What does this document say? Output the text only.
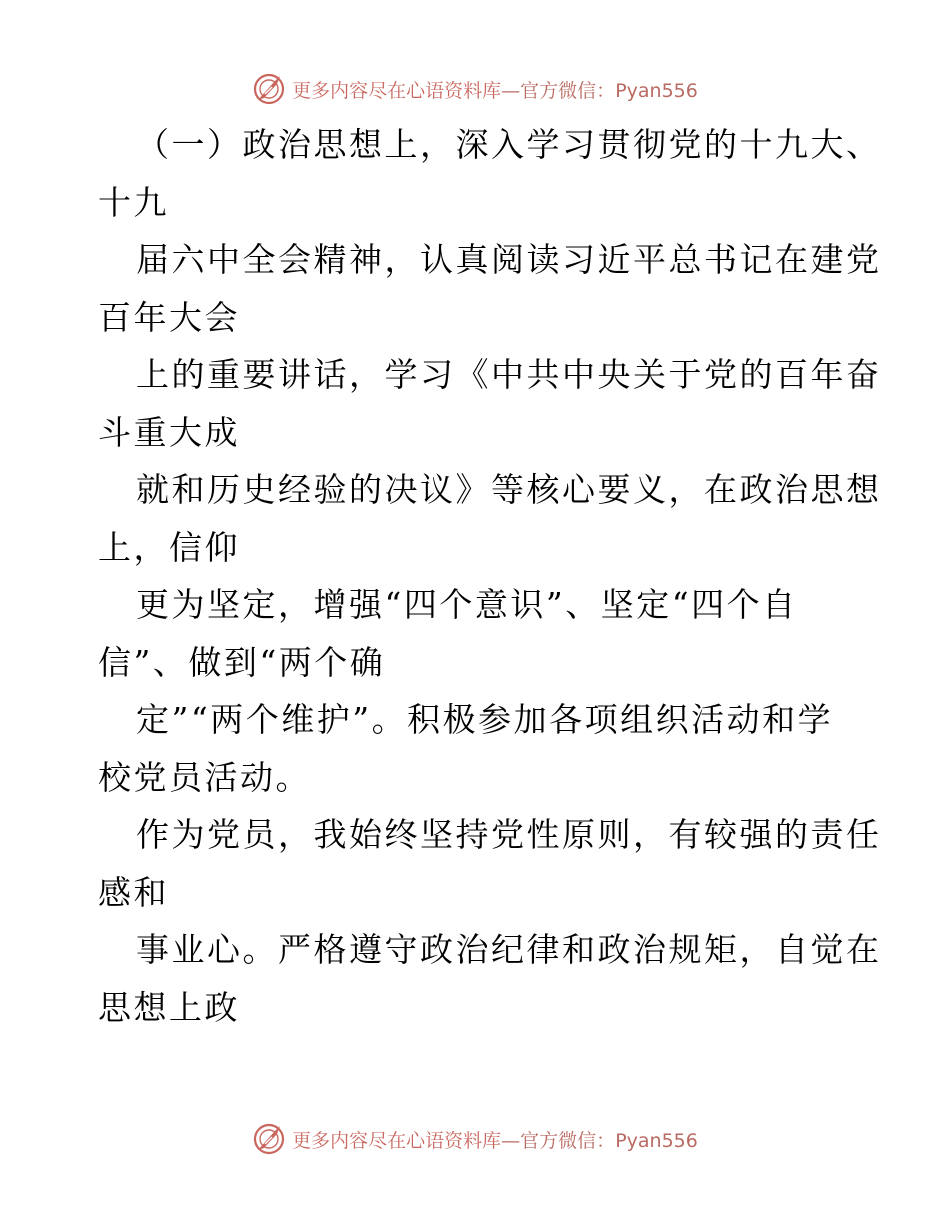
更多内容尽在心语资料库—官方微信：Pyan556
（一）政治思想上，深入学习贯彻党的十九大、
十九
届六中全会精神，认真阅读习近平总书记在建党
百年大会
上的重要讲话，学习《中共中央关于党的百年奋
斗重大成
就和历史经验的决议》等核心要义，在政治思想
上，信仰
更为坚定，增强“四个意识”、坚定“四个自
信”、做到“两个确
定”“两个维护”。积极参加各项组织活动和学
校党员活动。
作为党员，我始终坚持党性原则，有较强的责任
感和
事业心。严格遵守政治纪律和政治规矩，自觉在
思想上政
更多内容尽在心语资料库—官方微信：Pyan556
